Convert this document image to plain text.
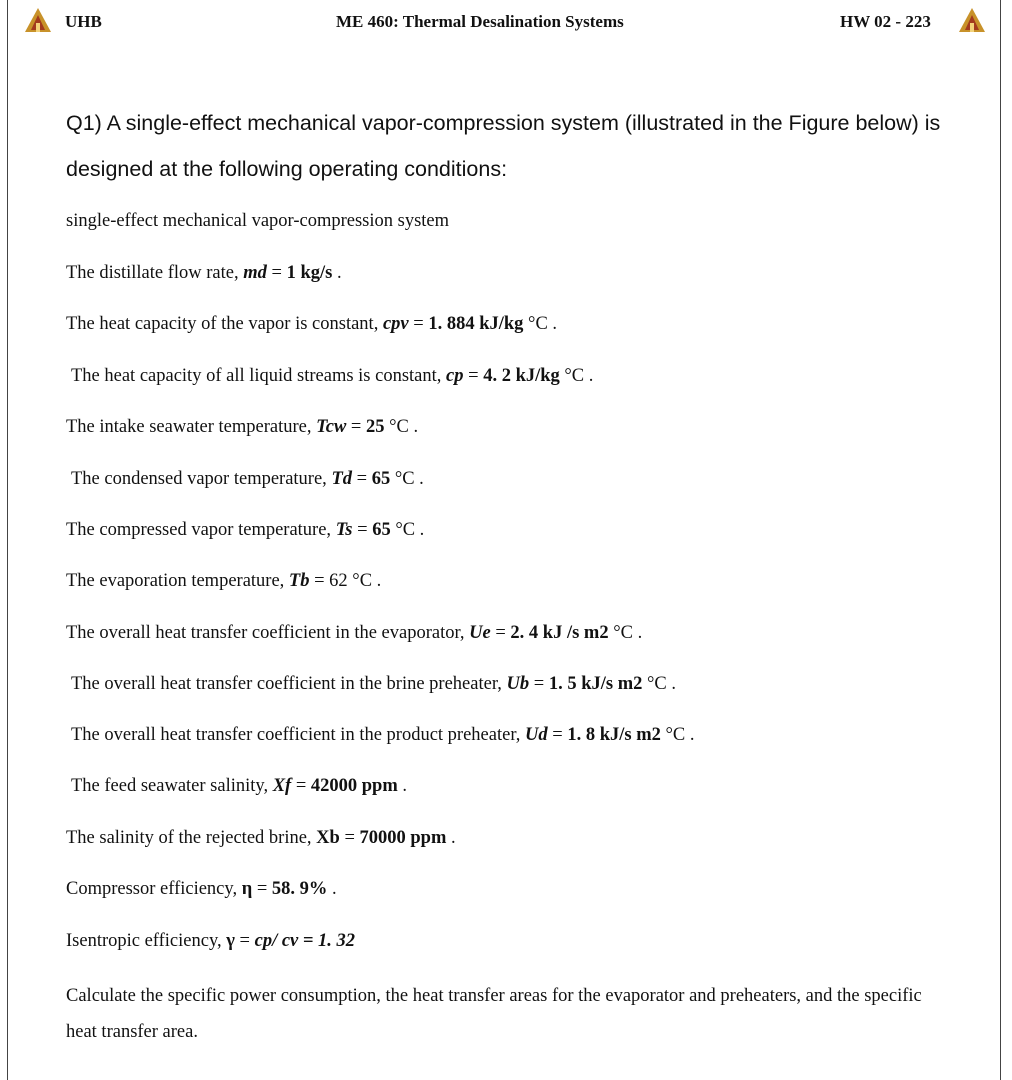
UHB	ME 460: Thermal Desalination Systems	HW 02 - 223
Q1) A single-effect mechanical vapor-compression system (illustrated in the Figure below) is designed at the following operating conditions:
single-effect mechanical vapor-compression system
The distillate flow rate, md = 1 kg/s .
The heat capacity of the vapor is constant, cpv = 1. 884 kJ/kg °C .
The heat capacity of all liquid streams is constant, cp = 4. 2 kJ/kg °C .
The intake seawater temperature, Tcw = 25 °C .
The condensed vapor temperature, Td = 65 °C .
The compressed vapor temperature, Ts = 65 °C .
The evaporation temperature, Tb = 62 °C .
The overall heat transfer coefficient in the evaporator, Ue = 2. 4 kJ /s m2 °C .
The overall heat transfer coefficient in the brine preheater, Ub = 1. 5 kJ/s m2 °C .
The overall heat transfer coefficient in the product preheater, Ud = 1. 8 kJ/s m2 °C .
The feed seawater salinity, Xf = 42000 ppm .
The salinity of the rejected brine, Xb = 70000 ppm .
Compressor efficiency, η = 58. 9% .
Isentropic efficiency, γ = cp/ cv = 1. 32
Calculate the specific power consumption, the heat transfer areas for the evaporator and preheaters, and the specific heat transfer area.
